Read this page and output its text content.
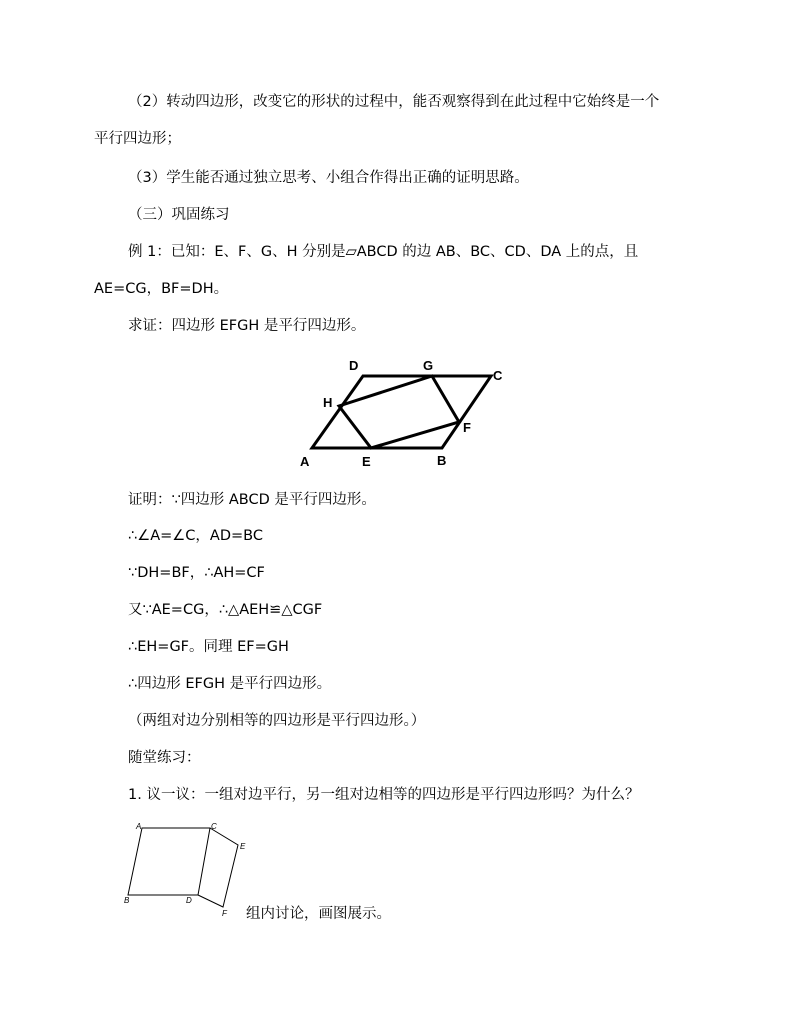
（2）转动四边形，改变它的形状的过程中，能否观察得到在此过程中它始终是一个
平行四边形；
（3）学生能否通过独立思考、小组合作得出正确的证明思路。
（三）巩固练习
例 1：已知：E、F、G、H 分别是▱ABCD 的边 AB、BC、CD、DA 上的点，且
AE=CG，BF=DH。
求证：四边形 EFGH 是平行四边形。
D	G
C
H
F
A	E	B
证明：∵四边形 ABCD 是平行四边形。
∴∠A=∠C，AD=BC
∵DH=BF，∴AH=CF
又∵AE=CG，∴△AEH≌△CGF
∴EH=GF。同理 EF=GH
∴四边形 EFGH 是平行四边形。
（两组对边分别相等的四边形是平行四边形。）
随堂练习：
1. 议一议：一组对边平行，另一组对边相等的四边形是平行四边形吗？为什么？
A	C
E
B	D
F 组内讨论，画图展示。
